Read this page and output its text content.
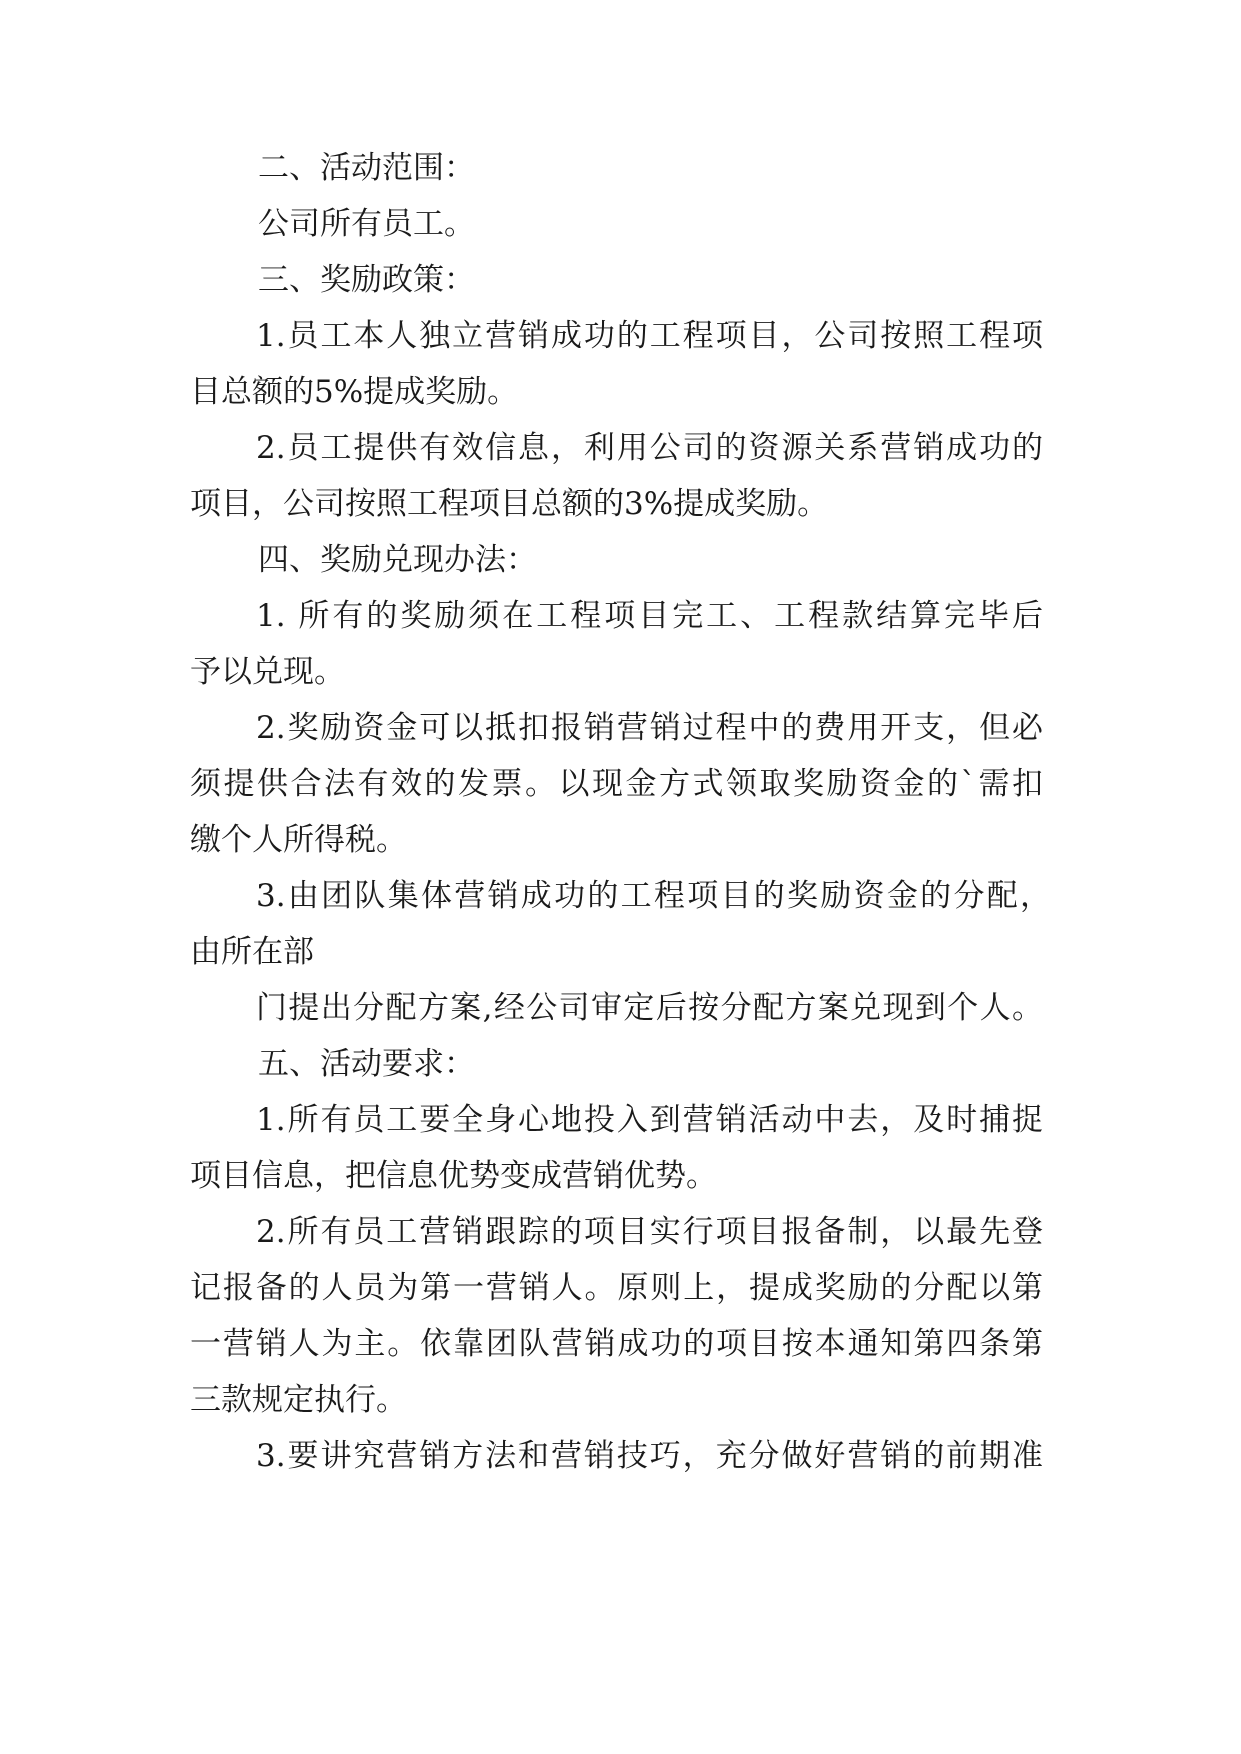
二、活动范围：
公司所有员工。
三、奖励政策：
1.员工本人独立营销成功的工程项目，公司按照工程项
目总额的5%提成奖励。
2.员工提供有效信息，利用公司的资源关系营销成功的
项目，公司按照工程项目总额的3%提成奖励。
四、奖励兑现办法：
1. 所有的奖励须在工程项目完工、工程款结算完毕后
予以兑现。
2.奖励资金可以抵扣报销营销过程中的费用开支，但必
须提供合法有效的发票。以现金方式领取奖励资金的`需扣
缴个人所得税。
3.由团队集体营销成功的工程项目的奖励资金的分配，
由所在部
门提出分配方案,经公司审定后按分配方案兑现到个人。
五、活动要求：
1.所有员工要全身心地投入到营销活动中去，及时捕捉
项目信息，把信息优势变成营销优势。
2.所有员工营销跟踪的项目实行项目报备制，以最先登
记报备的人员为第一营销人。原则上，提成奖励的分配以第
一营销人为主。依靠团队营销成功的项目按本通知第四条第
三款规定执行。
3.要讲究营销方法和营销技巧，充分做好营销的前期准
